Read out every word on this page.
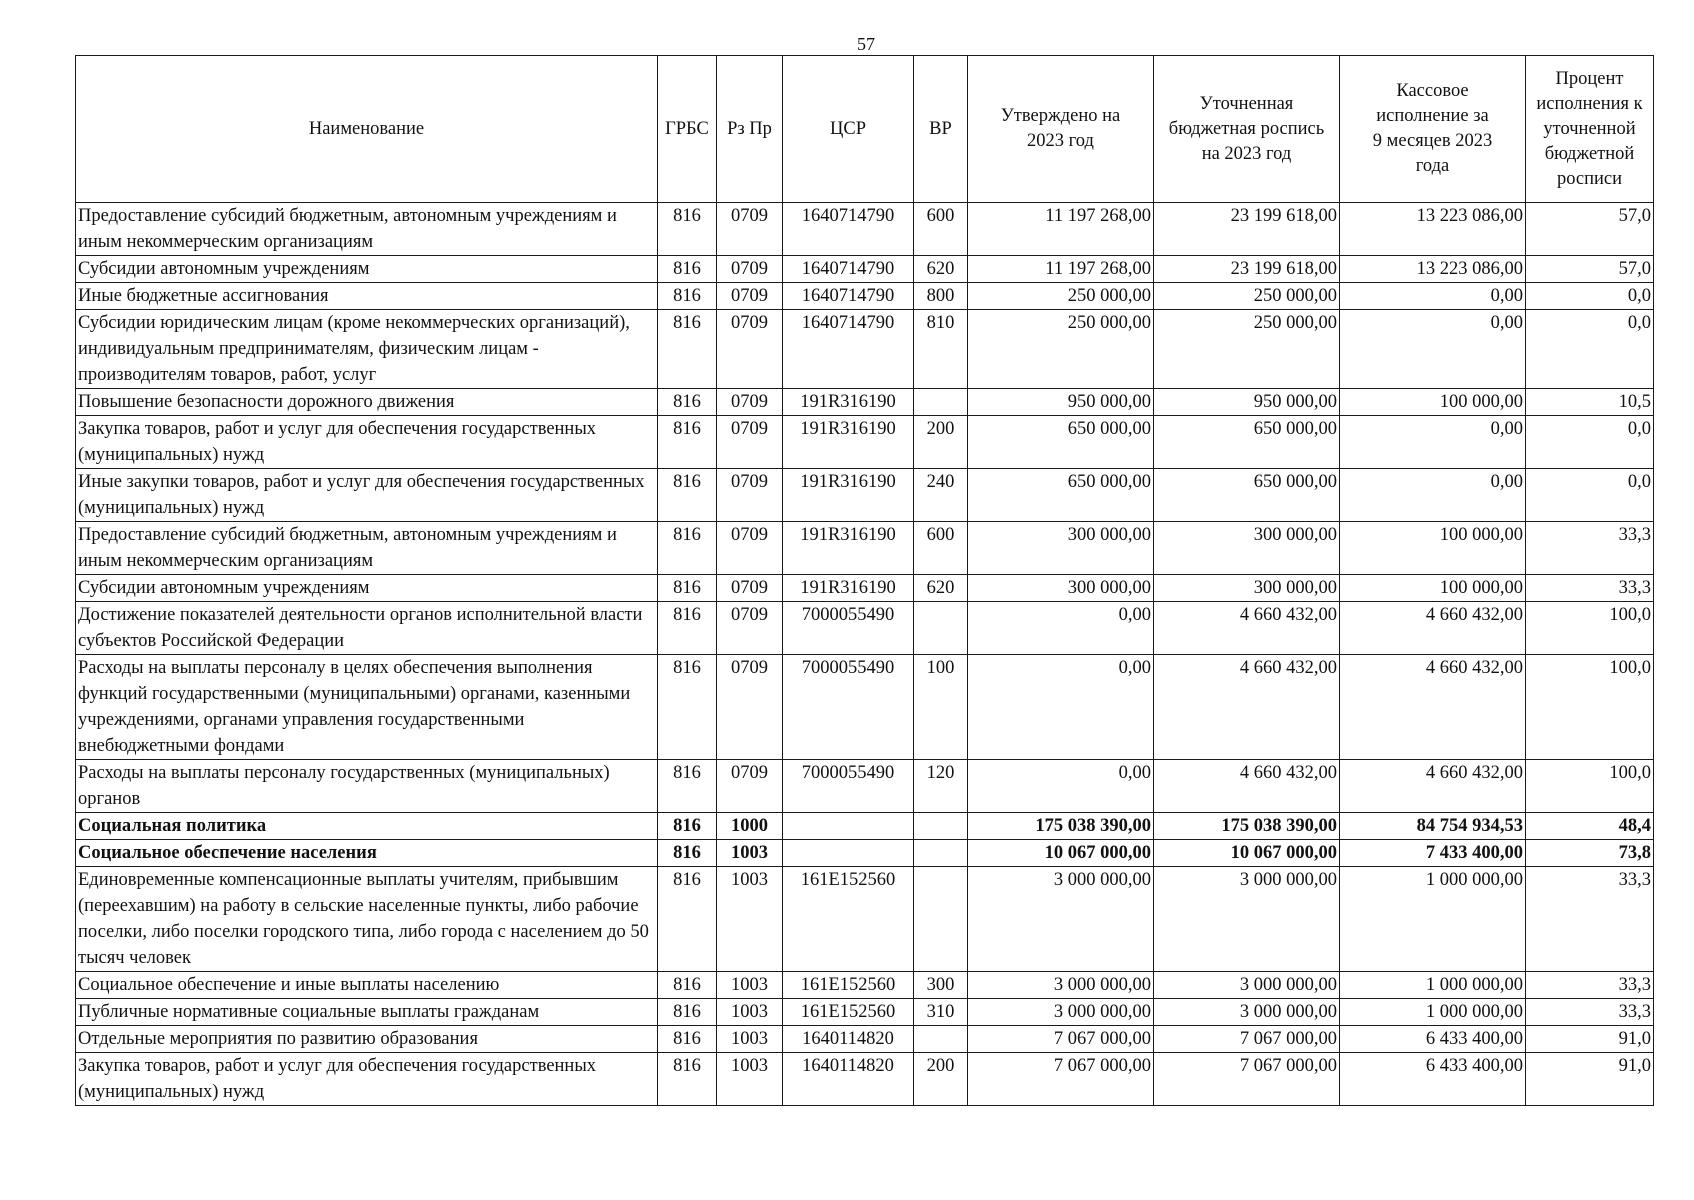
57
Наименование	ГРБС	Рз Пр	ЦСР	ВР	Утверждено на 2023 год	Уточненная бюджетная роспись на 2023 год	Кассовое исполнение за 9 месяцев 2023 года	Процент исполнения к уточненной бюджетной росписи
Предоставление субсидий бюджетным, автономным учреждениям и иным некоммерческим организациям	816	0709	1640714790	600	11 197 268,00	23 199 618,00	13 223 086,00	57,0
Субсидии автономным учреждениям	816	0709	1640714790	620	11 197 268,00	23 199 618,00	13 223 086,00	57,0
Иные бюджетные ассигнования	816	0709	1640714790	800	250 000,00	250 000,00	0,00	0,0
Субсидии юридическим лицам (кроме некоммерческих организаций), индивидуальным предпринимателям, физическим лицам - производителям товаров, работ, услуг	816	0709	1640714790	810	250 000,00	250 000,00	0,00	0,0
Повышение безопасности дорожного движения	816	0709	191R316190		950 000,00	950 000,00	100 000,00	10,5
Закупка товаров, работ и услуг для обеспечения государственных (муниципальных) нужд	816	0709	191R316190	200	650 000,00	650 000,00	0,00	0,0
Иные закупки товаров, работ и услуг для обеспечения государственных (муниципальных) нужд	816	0709	191R316190	240	650 000,00	650 000,00	0,00	0,0
Предоставление субсидий бюджетным, автономным учреждениям и иным некоммерческим организациям	816	0709	191R316190	600	300 000,00	300 000,00	100 000,00	33,3
Субсидии автономным учреждениям	816	0709	191R316190	620	300 000,00	300 000,00	100 000,00	33,3
Достижение показателей деятельности органов исполнительной власти субъектов Российской Федерации	816	0709	7000055490		0,00	4 660 432,00	4 660 432,00	100,0
Расходы на выплаты персоналу в целях обеспечения выполнения функций государственными (муниципальными) органами, казенными учреждениями, органами управления государственными внебюджетными фондами	816	0709	7000055490	100	0,00	4 660 432,00	4 660 432,00	100,0
Расходы на выплаты персоналу государственных (муниципальных) органов	816	0709	7000055490	120	0,00	4 660 432,00	4 660 432,00	100,0
Социальная политика	816	1000			175 038 390,00	175 038 390,00	84 754 934,53	48,4
Социальное обеспечение населения	816	1003			10 067 000,00	10 067 000,00	7 433 400,00	73,8
Единовременные компенсационные выплаты учителям, прибывшим (переехавшим) на работу в сельские населенные пункты, либо рабочие поселки, либо поселки городского типа, либо города с населением до 50 тысяч человек	816	1003	161E152560		3 000 000,00	3 000 000,00	1 000 000,00	33,3
Социальное обеспечение и иные выплаты населению	816	1003	161E152560	300	3 000 000,00	3 000 000,00	1 000 000,00	33,3
Публичные нормативные социальные выплаты гражданам	816	1003	161E152560	310	3 000 000,00	3 000 000,00	1 000 000,00	33,3
Отдельные мероприятия по развитию образования	816	1003	1640114820		7 067 000,00	7 067 000,00	6 433 400,00	91,0
Закупка товаров, работ и услуг для обеспечения государственных (муниципальных) нужд	816	1003	1640114820	200	7 067 000,00	7 067 000,00	6 433 400,00	91,0
